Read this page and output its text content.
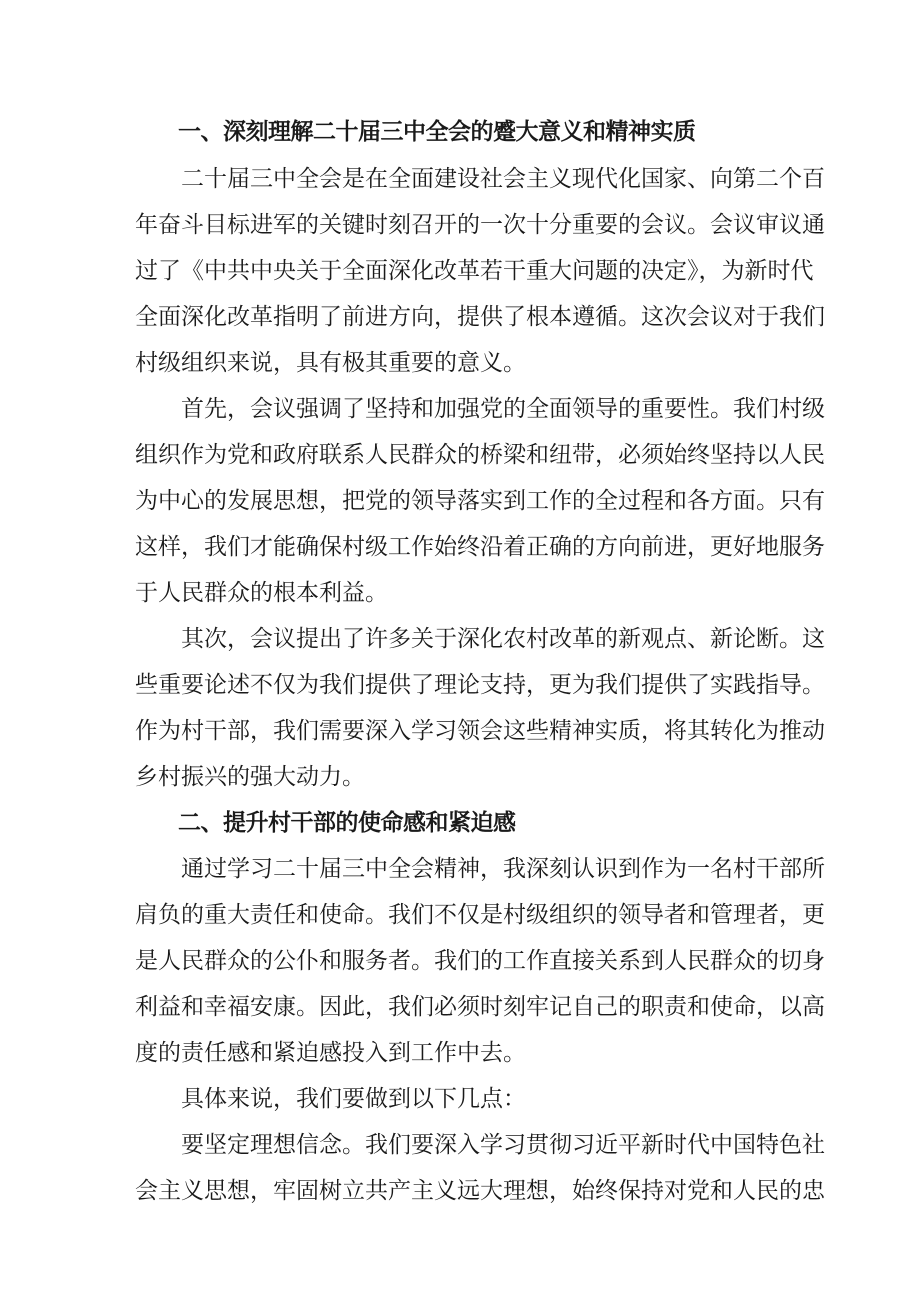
一、深刻理解二十届三中全会的蹙大意义和精神实质
二十届三中全会是在全面建设社会主义现代化国家、向第二个百
年奋斗目标进军的关键时刻召开的一次十分重要的会议。会议审议通
过了《中共中央关于全面深化改革若干重大问题的决定》，为新时代
全面深化改革指明了前进方向，提供了根本遵循。这次会议对于我们
村级组织来说，具有极其重要的意义。
首先，会议强调了坚持和加强党的全面领导的重要性。我们村级
组织作为党和政府联系人民群众的桥梁和纽带，必须始终坚持以人民
为中心的发展思想，把党的领导落实到工作的全过程和各方面。只有
这样，我们才能确保村级工作始终沿着正确的方向前进，更好地服务
于人民群众的根本利益。
其次，会议提出了许多关于深化农村改革的新观点、新论断。这
些重要论述不仅为我们提供了理论支持，更为我们提供了实践指导。
作为村干部，我们需要深入学习领会这些精神实质，将其转化为推动
乡村振兴的强大动力。
二、提升村干部的使命感和紧迫感
通过学习二十届三中全会精神，我深刻认识到作为一名村干部所
肩负的重大责任和使命。我们不仅是村级组织的领导者和管理者，更
是人民群众的公仆和服务者。我们的工作直接关系到人民群众的切身
利益和幸福安康。因此，我们必须时刻牢记自己的职责和使命，以高
度的责任感和紧迫感投入到工作中去。
具体来说，我们要做到以下几点：
要坚定理想信念。我们要深入学习贯彻习近平新时代中国特色社
会主义思想，牢固树立共产主义远大理想，始终保持对党和人民的忠
